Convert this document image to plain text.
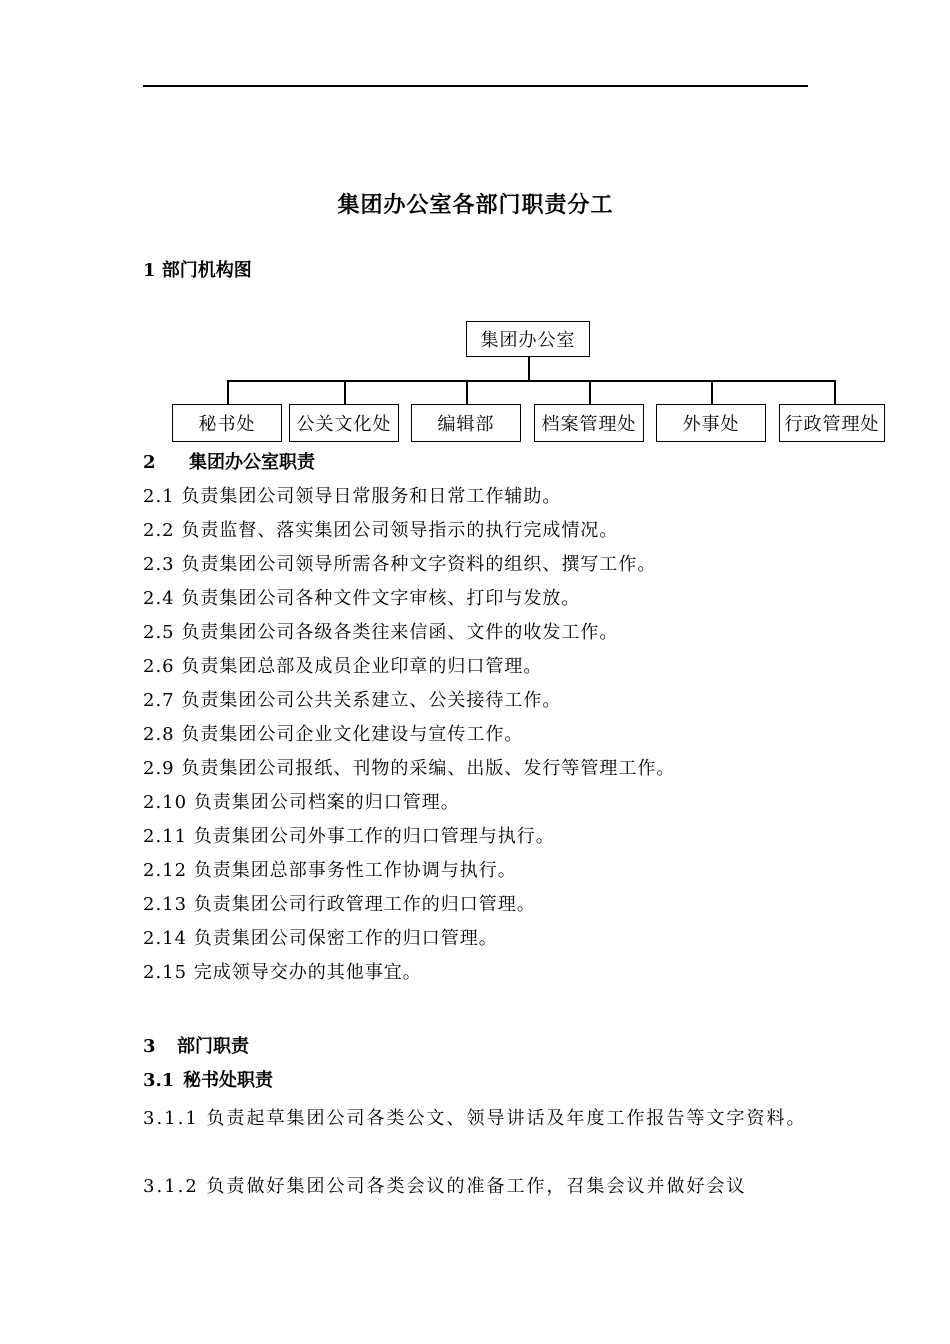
集团办公室各部门职责分工
1 部门机构图
集团办公室
秘书处	公关文化处	编辑部	档案管理处	外事处	行政管理处
2 集团办公室职责
2.1 负责集团公司领导日常服务和日常工作辅助。
2.2 负责监督、落实集团公司领导指示的执行完成情况。
2.3 负责集团公司领导所需各种文字资料的组织、撰写工作。
2.4 负责集团公司各种文件文字审核、打印与发放。
2.5 负责集团公司各级各类往来信函、文件的收发工作。
2.6 负责集团总部及成员企业印章的归口管理。
2.7 负责集团公司公共关系建立、公关接待工作。
2.8 负责集团公司企业文化建设与宣传工作。
2.9 负责集团公司报纸、刊物的采编、出版、发行等管理工作。
2.10 负责集团公司档案的归口管理。
2.11 负责集团公司外事工作的归口管理与执行。
2.12 负责集团总部事务性工作协调与执行。
2.13 负责集团公司行政管理工作的归口管理。
2.14 负责集团公司保密工作的归口管理。
2.15 完成领导交办的其他事宜。
3 部门职责
3.1 秘书处职责
3.1.1 负责起草集团公司各类公文、领导讲话及年度工作报告等文字资料。
3.1.2 负责做好集团公司各类会议的准备工作，召集会议并做好会议
